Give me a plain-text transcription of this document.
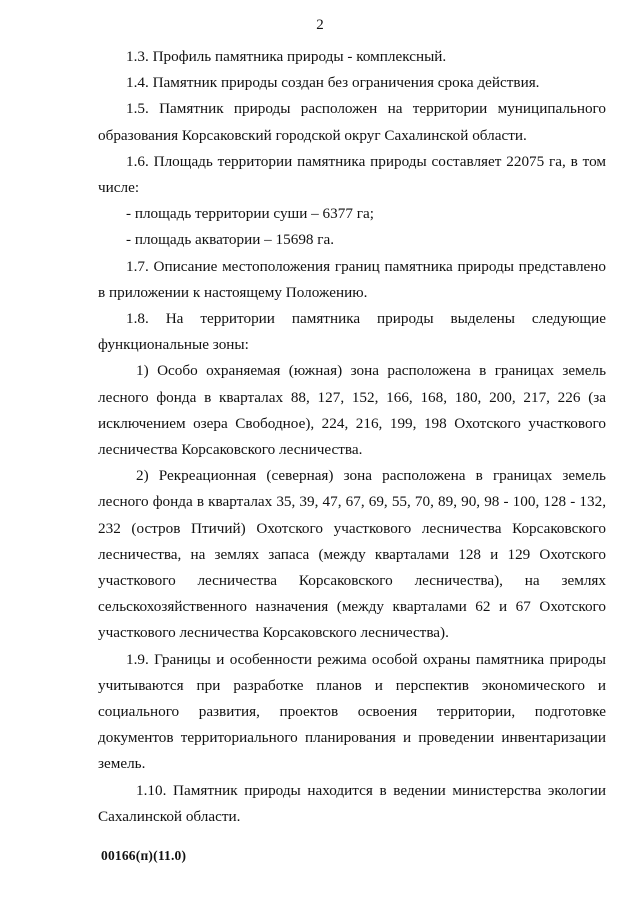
2

1.3. Профиль памятника природы - комплексный.

1.4. Памятник природы создан без ограничения срока действия.

1.5. Памятник природы расположен на территории муниципального образования Корсаковский городской округ Сахалинской области.

1.6. Площадь территории памятника природы составляет 22075 га, в том числе:

- площадь территории суши – 6377 га;

- площадь акватории – 15698 га.

1.7. Описание местоположения границ памятника природы представлено в приложении к настоящему Положению.

1.8. На территории памятника природы выделены следующие функциональные зоны:

1) Особо охраняемая (южная) зона расположена в границах земель лесного фонда в кварталах 88, 127, 152, 166, 168, 180, 200, 217, 226 (за исключением озера Свободное), 224, 216, 199, 198 Охотского участкового лесничества Корсаковского лесничества.

2) Рекреационная (северная) зона расположена в границах земель лесного фонда в кварталах 35, 39, 47, 67, 69, 55, 70, 89, 90, 98 - 100, 128 - 132, 232 (остров Птичий) Охотского участкового лесничества Корсаковского лесничества, на землях запаса (между кварталами 128 и 129 Охотского участкового лесничества Корсаковского лесничества), на землях сельскохозяйственного назначения (между кварталами 62 и 67 Охотского участкового лесничества Корсаковского лесничества).

1.9. Границы и особенности режима особой охраны памятника природы учитываются при разработке планов и перспектив экономического и социального развития, проектов освоения территории, подготовке документов территориального планирования и проведении инвентаризации земель.

1.10. Памятник природы находится в ведении министерства экологии Сахалинской области.

00166(п)(11.0)
